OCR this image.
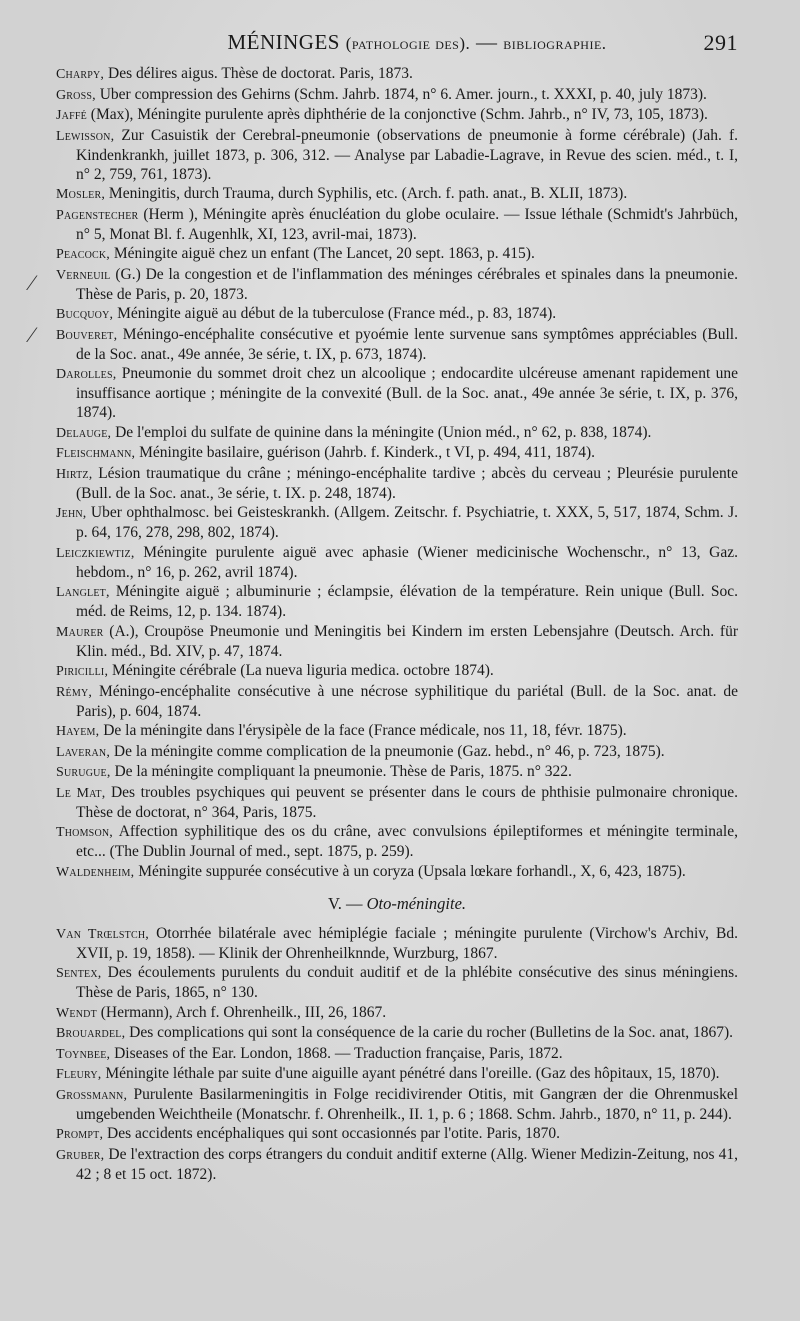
MÉNINGES (pathologie des). — bibliographie.	291

Charpy, Des délires aigus. Thèse de doctorat. Paris, 1873.

Gross, Uber compression des Gehirns (Schm. Jahrb. 1874, n° 6. Amer. journ., t. XXXI, p. 40, july 1873).

Jaffé (Max), Méningite purulente après diphthérie de la conjonctive (Schm. Jahrb., n° IV, 73, 105, 1873).

Lewisson, Zur Casuistik der Cerebral-pneumonie (observations de pneumonie à forme cérébrale) (Jah. f. Kindenkrankh, juillet 1873, p. 306, 312. — Analyse par Labadie-Lagrave, in Revue des scien. méd., t. I, n° 2, 759, 761, 1873).

Mosler, Meningitis, durch Trauma, durch Syphilis, etc. (Arch. f. path. anat., B. XLII, 1873).

Pagenstecher (Herm ), Méningite après énucléation du globe oculaire. — Issue léthale (Schmidt's Jahrbüch, n° 5, Monat Bl. f. Augenhlk, XI, 123, avril-mai, 1873).

Peacock, Méningite aiguë chez un enfant (The Lancet, 20 sept. 1863, p. 415).

Verneuil (G.) De la congestion et de l'inflammation des méninges cérébrales et spinales dans la pneumonie. Thèse de Paris, p. 20, 1873.

Bucquoy, Méningite aiguë au début de la tuberculose (France méd., p. 83, 1874).

Bouveret, Méningo-encéphalite consécutive et pyoémie lente survenue sans symptômes appréciables (Bull. de la Soc. anat., 49e année, 3e série, t. IX, p. 673, 1874).

Darolles, Pneumonie du sommet droit chez un alcoolique ; endocardite ulcéreuse amenant rapidement une insuffisance aortique ; méningite de la convexité (Bull. de la Soc. anat., 49e année 3e série, t. IX, p. 376, 1874).

Delauge, De l'emploi du sulfate de quinine dans la méningite (Union méd., n° 62, p. 838, 1874).

Fleischmann, Méningite basilaire, guérison (Jahrb. f. Kinderk., t VI, p. 494, 411, 1874).

Hirtz, Lésion traumatique du crâne ; méningo-encéphalite tardive ; abcès du cerveau ; Pleurésie purulente (Bull. de la Soc. anat., 3e série, t. IX. p. 248, 1874).

Jehn, Uber ophthalmosc. bei Geisteskrankh. (Allgem. Zeitschr. f. Psychiatrie, t. XXX, 5, 517, 1874, Schm. J. p. 64, 176, 278, 298, 802, 1874).

Leiczkiewtiz, Méningite purulente aiguë avec aphasie (Wiener medicinische Wochenschr., n° 13, Gaz. hebdom., n° 16, p. 262, avril 1874).

Langlet, Méningite aiguë ; albuminurie ; éclampsie, élévation de la température. Rein unique (Bull. Soc. méd. de Reims, 12, p. 134. 1874).

Maurer (A.), Croupöse Pneumonie und Meningitis bei Kindern im ersten Lebensjahre (Deutsch. Arch. für Klin. méd., Bd. XIV, p. 47, 1874.

Piricilli, Méningite cérébrale (La nueva liguria medica. octobre 1874).

Rémy, Méningo-encéphalite consécutive à une nécrose syphilitique du pariétal (Bull. de la Soc. anat. de Paris), p. 604, 1874.

Hayem, De la méningite dans l'érysipèle de la face (France médicale, nos 11, 18, févr. 1875).

Laveran, De la méningite comme complication de la pneumonie (Gaz. hebd., n° 46, p. 723, 1875).

Surugue, De la méningite compliquant la pneumonie. Thèse de Paris, 1875. n° 322.

Le Mat, Des troubles psychiques qui peuvent se présenter dans le cours de phthisie pulmonaire chronique. Thèse de doctorat, n° 364, Paris, 1875.

Thomson, Affection syphilitique des os du crâne, avec convulsions épileptiformes et méningite terminale, etc... (The Dublin Journal of med., sept. 1875, p. 259).

Waldenheim, Méningite suppurée consécutive à un coryza (Upsala lœkare forhandl., X, 6, 423, 1875).

V. — Oto-méningite.

Van Trœlstch, Otorrhée bilatérale avec hémiplégie faciale ; méningite purulente (Virchow's Archiv, Bd. XVII, p. 19, 1858). — Klinik der Ohrenheilknnde, Wurzburg, 1867.

Sentex, Des écoulements purulents du conduit auditif et de la phlébite consécutive des sinus méningiens. Thèse de Paris, 1865, n° 130.

Wendt (Hermann), Arch f. Ohrenheilk., III, 26, 1867.

Brouardel, Des complications qui sont la conséquence de la carie du rocher (Bulletins de la Soc. anat, 1867).

Toynbee, Diseases of the Ear. London, 1868. — Traduction française, Paris, 1872.

Fleury, Méningite léthale par suite d'une aiguille ayant pénétré dans l'oreille. (Gaz des hôpitaux, 15, 1870).

Grossmann, Purulente Basilarmeningitis in Folge recidivirender Otitis, mit Gangræn der die Ohrenmuskel umgebenden Weichtheile (Monatschr. f. Ohrenheilk., II. 1, p. 6 ; 1868. Schm. Jahrb., 1870, n° 11, p. 244).

Prompt, Des accidents encéphaliques qui sont occasionnés par l'otite. Paris, 1870.

Gruber, De l'extraction des corps étrangers du conduit anditif externe (Allg. Wiener Medizin-Zeitung, nos 41, 42 ; 8 et 15 oct. 1872).

⁄
⁄
